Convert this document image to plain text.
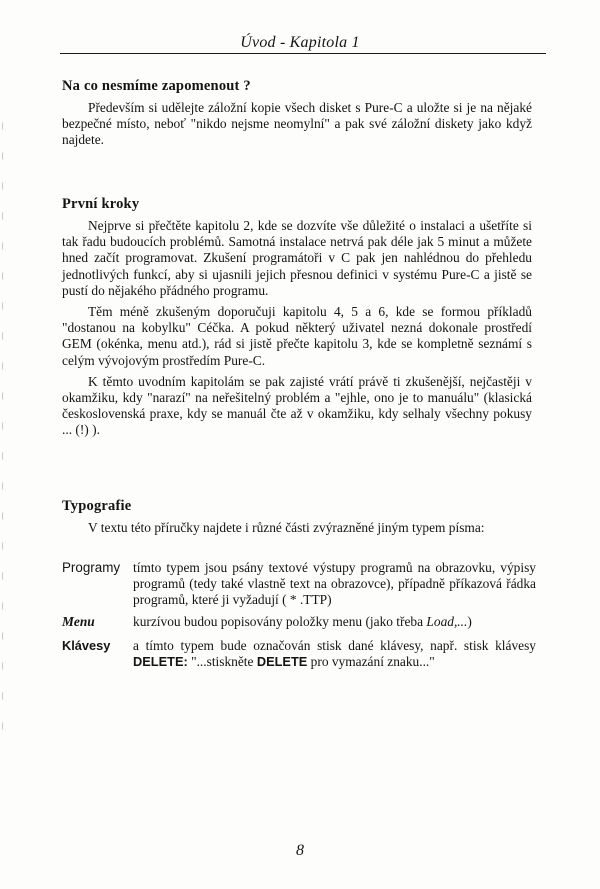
Úvod - Kapitola 1
Na co nesmíme zapomenout ?

Především si udělejte záložní kopie všech disket s Pure-C a uložte si je na nějaké bezpečné místo, neboť "nikdo nejsme neomylní" a pak své záložní diskety jako když najdete.

První kroky

Nejprve si přečtěte kapitolu 2, kde se dozvíte vše důležité o instalaci a ušetříte si tak řadu budoucích problémů. Samotná instalace netrvá pak déle jak 5 minut a můžete hned začít programovat. Zkušení programátoři v C pak jen nahlédnou do přehledu jednotlivých funkcí, aby si ujasnili jejich přesnou definici v systému Pure-C a jistě se pustí do nějakého přádného programu.

Těm méně zkušeným doporučuji kapitolu 4, 5 a 6, kde se formou příkladů "dostanou na kobylku" Céčka. A pokud některý uživatel nezná dokonale prostředí GEM (okénka, menu atd.), rád si jistě přečte kapitolu 3, kde se kompletně seznámí s celým vývojovým prostředím Pure-C.

K těmto uvodním kapitolám se pak zajisté vrátí právě ti zkušenější, nejčastěji v okamžiku, kdy "narazí" na neřešitelný problém a "ejhle, ono je to manuálu" (klasická československá praxe, kdy se manuál čte až v okamžiku, kdy selhaly všechny pokusy ... (!) ).

Typografie

V textu této příručky najdete i různé části zvýrazněné jiným typem písma:

Programy tímto typem jsou psány textové výstupy programů na obrazovku, výpisy programů (tedy také vlastně text na obrazovce), případně příkazová řádka programů, které ji vyžadují ( * .TTP)
Menu	kurzívou budou popisovány položky menu (jako třeba Load,...)
Klávesy	a tímto typem bude označován stisk dané klávesy, např. stisk klávesy DELETE: "...stiskněte DELETE pro vymazání znaku..."
8
